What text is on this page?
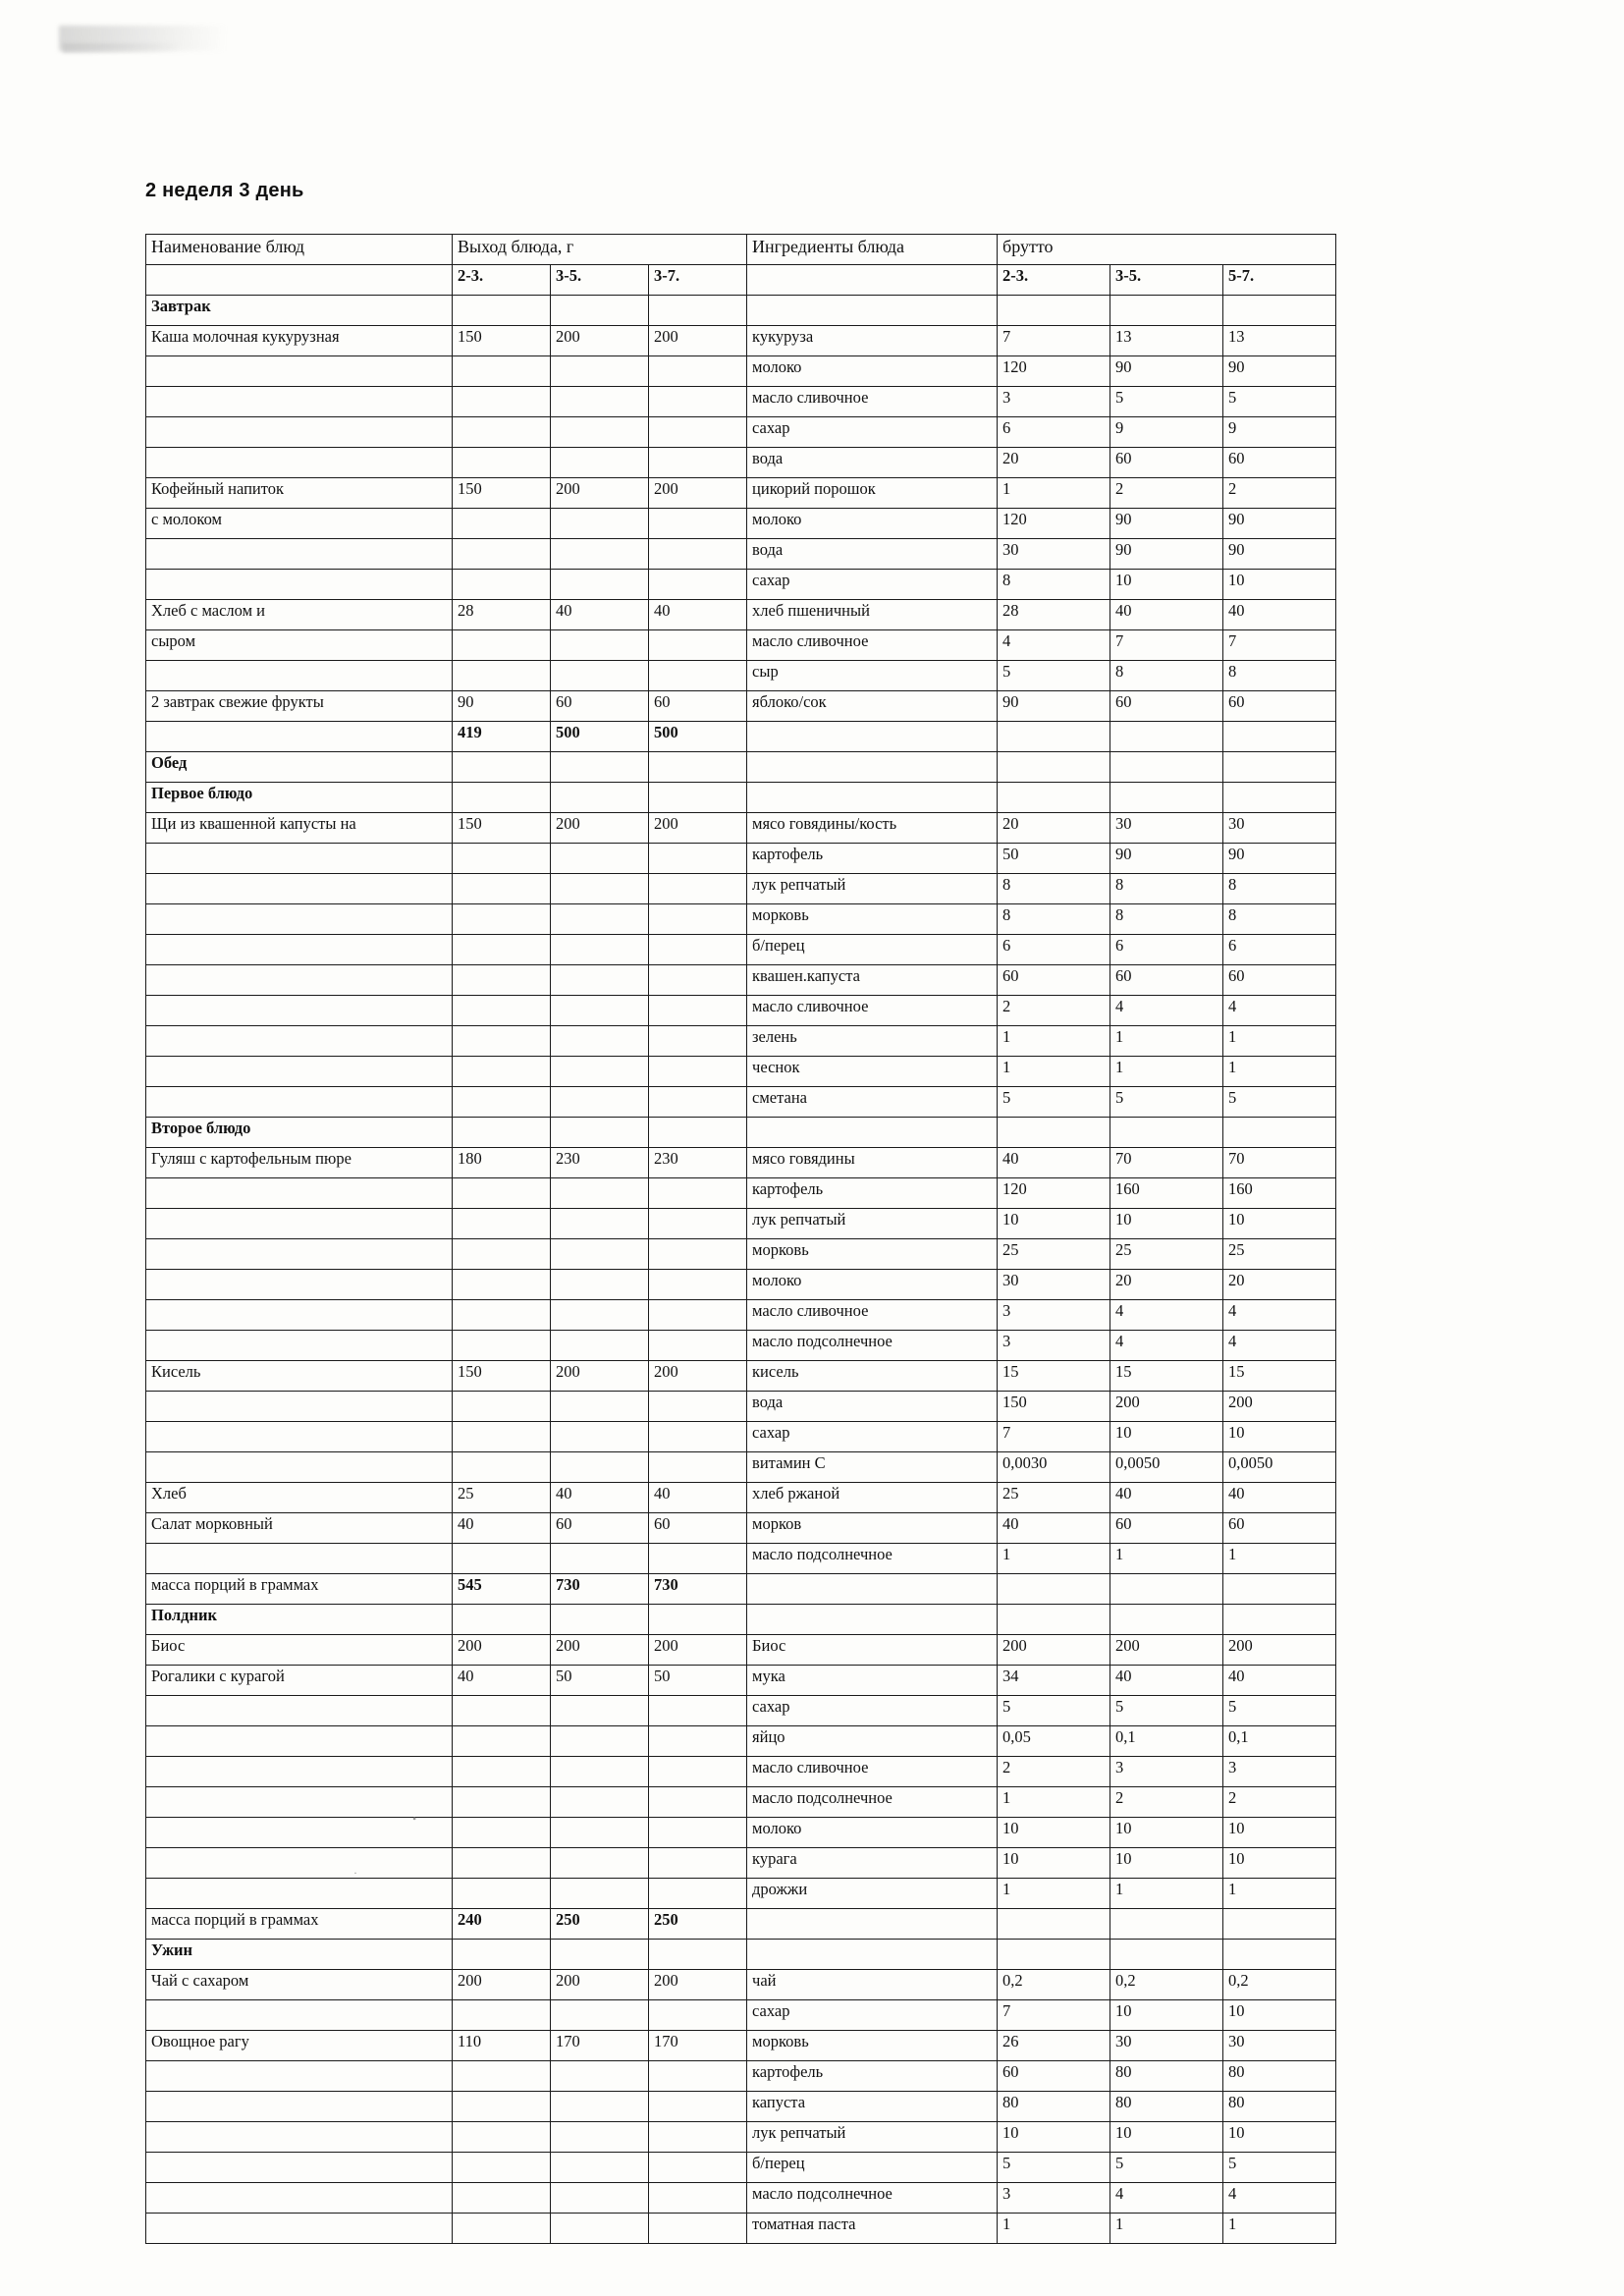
2 неделя 3 день
Наименование блюд	Выход блюда, г			Ингредиенты блюда	брутто		
	2-3.	3-5.	3-7.		2-3.	3-5.	5-7.
Завтрак							
Каша молочная кукурузная	150	200	200	кукуруза	7	13	13
				молоко	120	90	90
				масло сливочное	3	5	5
				сахар	6	9	9
				вода	20	60	60
Кофейный напиток	150	200	200	цикорий порошок	1	2	2
с молоком				молоко	120	90	90
				вода	30	90	90
				сахар	8	10	10
Хлеб с маслом и	28	40	40	хлеб пшеничный	28	40	40
сыром				масло сливочное	4	7	7
				сыр	5	8	8
2 завтрак свежие фрукты	90	60	60	яблоко/сок	90	60	60
	419	500	500				
Обед							
Первое блюдо							
Щи из квашенной капусты на	150	200	200	мясо говядины/кость	20	30	30
				картофель	50	90	90
				лук репчатый	8	8	8
				морковь	8	8	8
				б/перец	6	6	6
				квашен.капуста	60	60	60
				масло сливочное	2	4	4
				зелень	1	1	1
				чеснок	1	1	1
				сметана	5	5	5
Второе блюдо							
Гуляш с картофельным пюре	180	230	230	мясо говядины	40	70	70
				картофель	120	160	160
				лук репчатый	10	10	10
				морковь	25	25	25
				молоко	30	20	20
				масло сливочное	3	4	4
				масло подсолнечное	3	4	4
Кисель	150	200	200	кисель	15	15	15
				вода	150	200	200
				сахар	7	10	10
				витамин С	0,0030	0,0050	0,0050
Хлеб	25	40	40	хлеб ржаной	25	40	40
Салат морковный	40	60	60	морков	40	60	60
				масло подсолнечное	1	1	1
масса порций в граммах	545	730	730				
Полдник							
Биос	200	200	200	Биос	200	200	200
Рогалики с курагой	40	50	50	мука	34	40	40
				сахар	5	5	5
				яйцо	0,05	0,1	0,1
				масло сливочное	2	3	3
				масло подсолнечное	1	2	2
				молоко	10	10	10
				курага	10	10	10
				дрожжи	1	1	1
масса порций в граммах	240	250	250				
Ужин							
Чай с сахаром	200	200	200	чай	0,2	0,2	0,2
				сахар	7	10	10
Овощное рагу	110	170	170	морковь	26	30	30
				картофель	60	80	80
				капуста	80	80	80
				лук репчатый	10	10	10
				б/перец	5	5	5
				масло подсолнечное	3	4	4
				томатная паста	1	1	1
•
·
